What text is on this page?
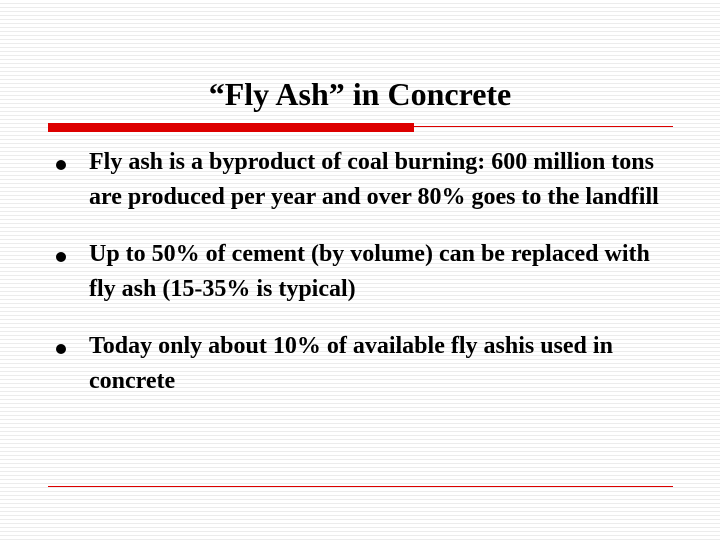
“Fly Ash” in Concrete
Fly ash is a byproduct of coal burning: 600 million tons are produced per year and over 80% goes to the landfill
Up to 50% of cement (by volume) can be replaced with fly ash (15-35% is typical)
Today only about 10% of available fly ashis used in concrete
